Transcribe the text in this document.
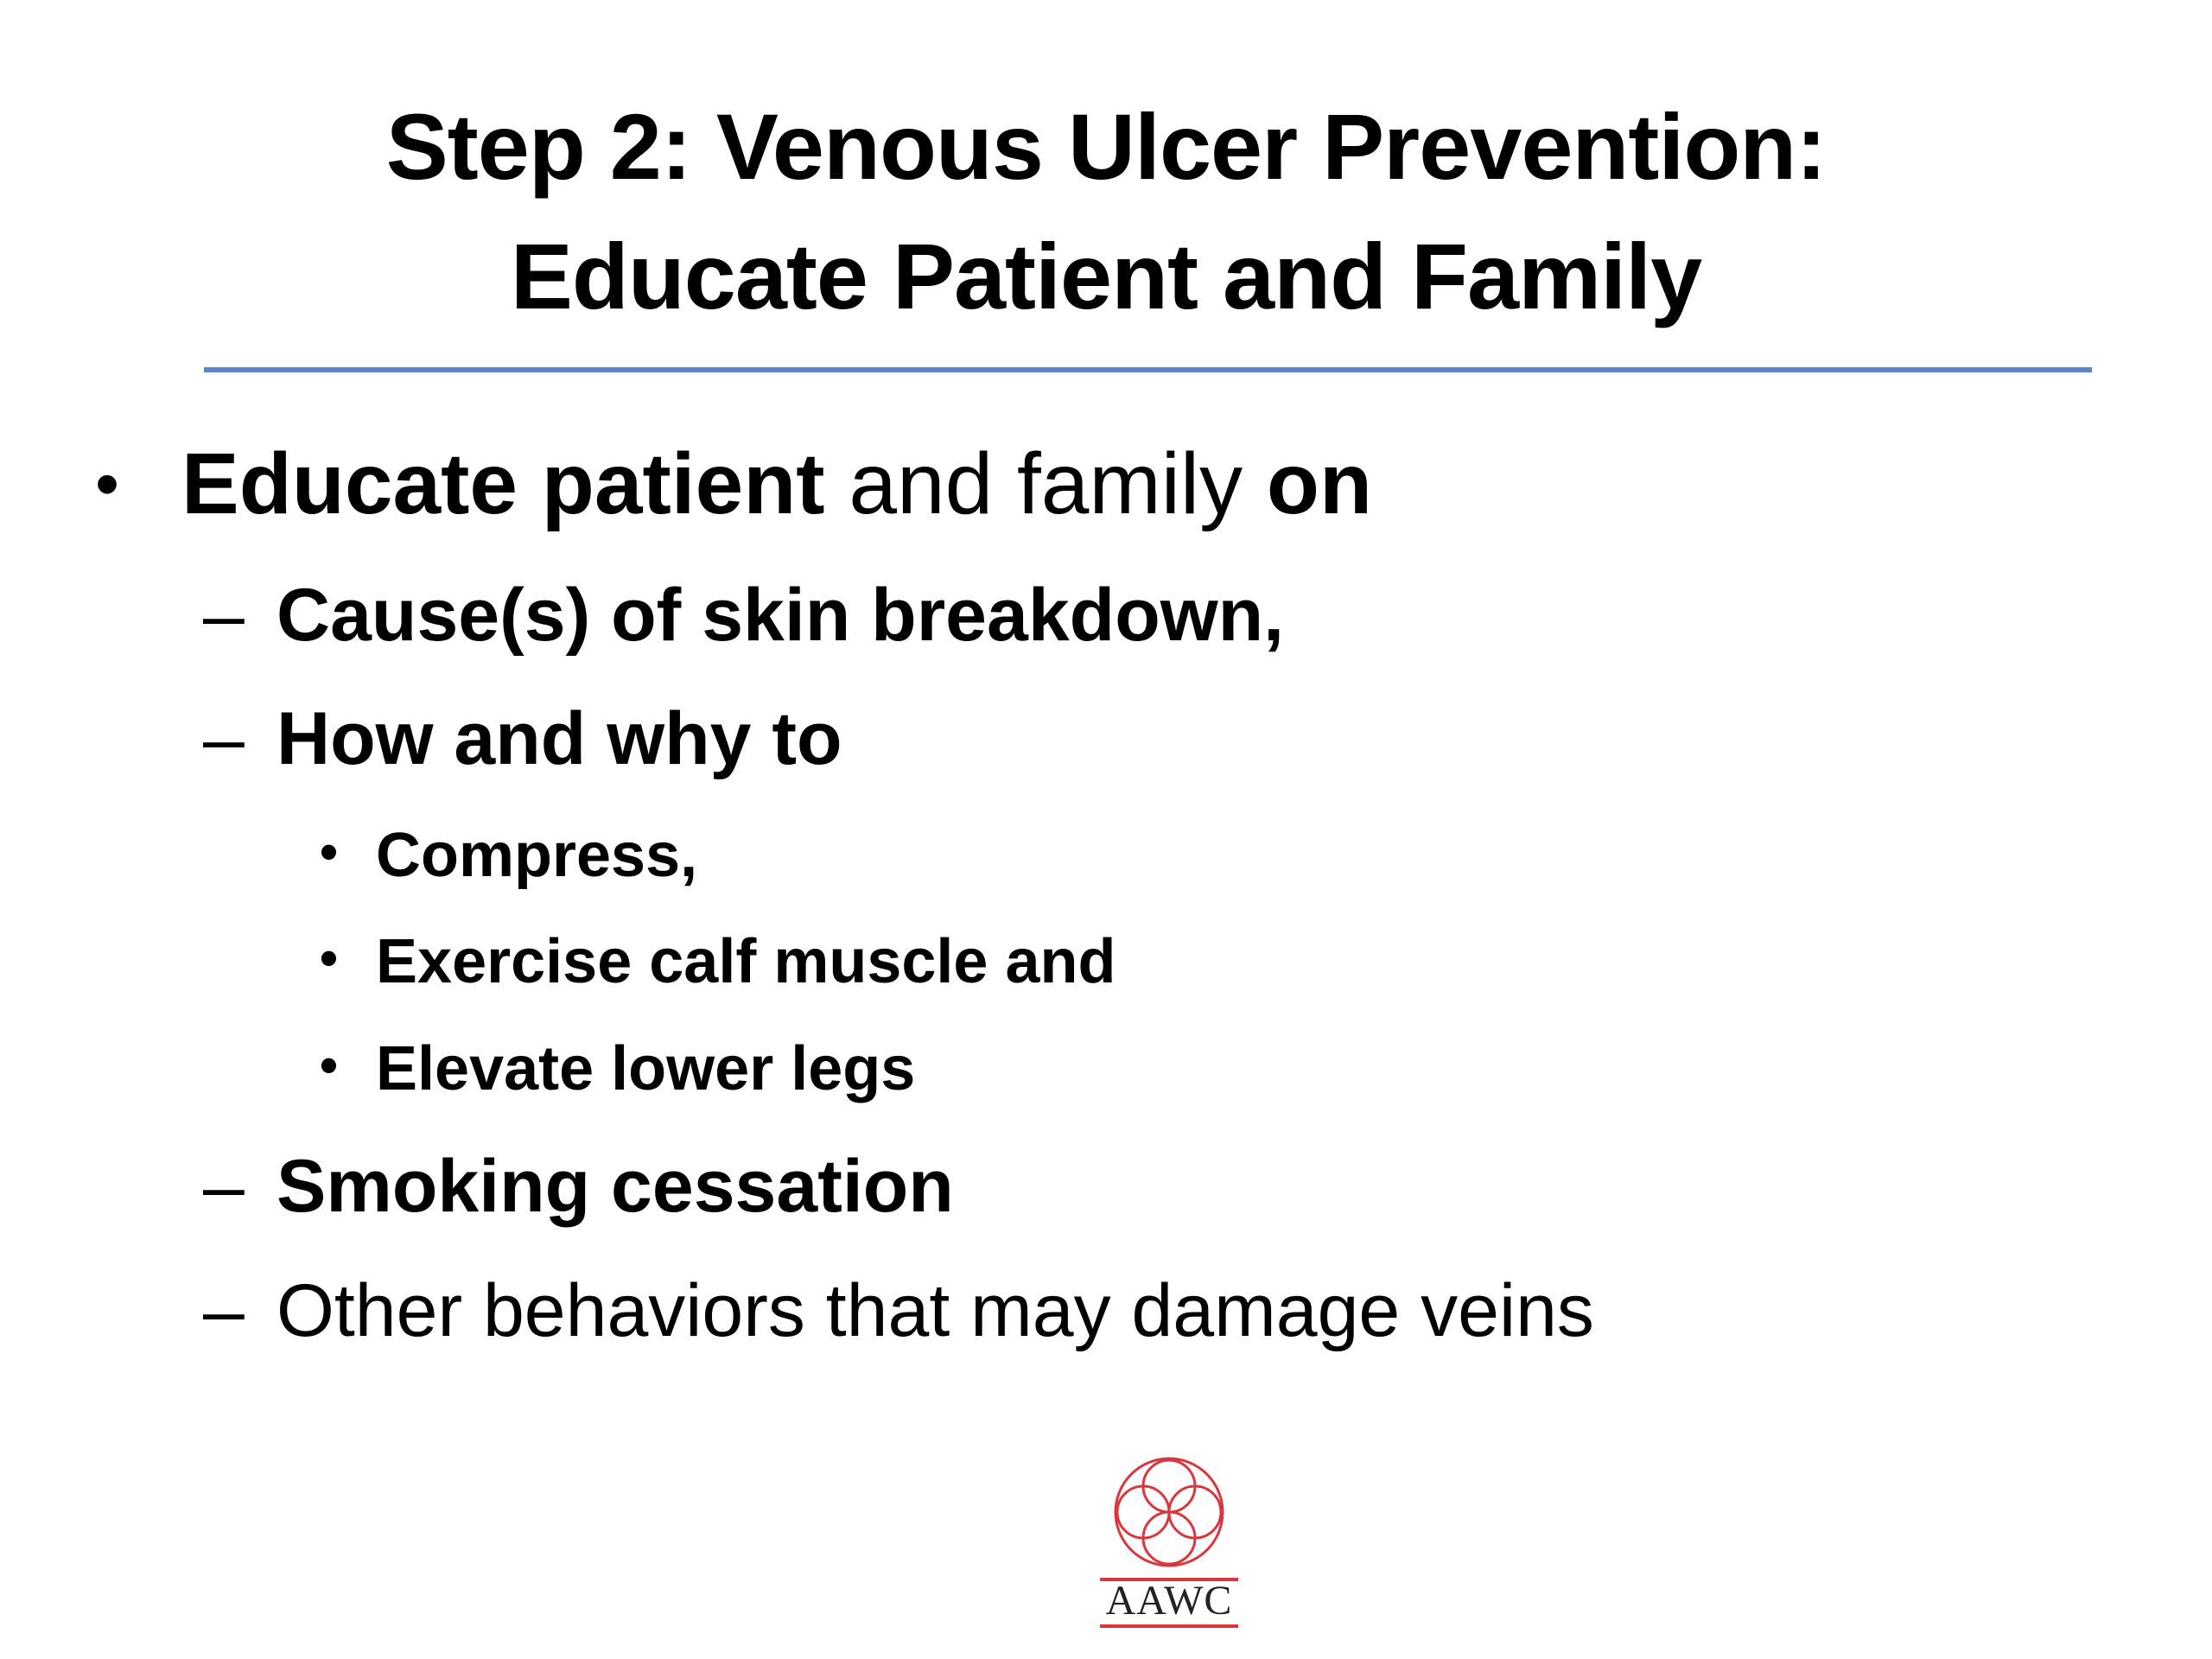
Step 2: Venous Ulcer Prevention:
Educate Patient and Family
• Educate patient and family on
– Cause(s) of skin breakdown,
– How and why to
• Compress,
• Exercise calf muscle and
• Elevate lower legs
– Smoking cessation
– Other behaviors that may damage veins
AAWC
